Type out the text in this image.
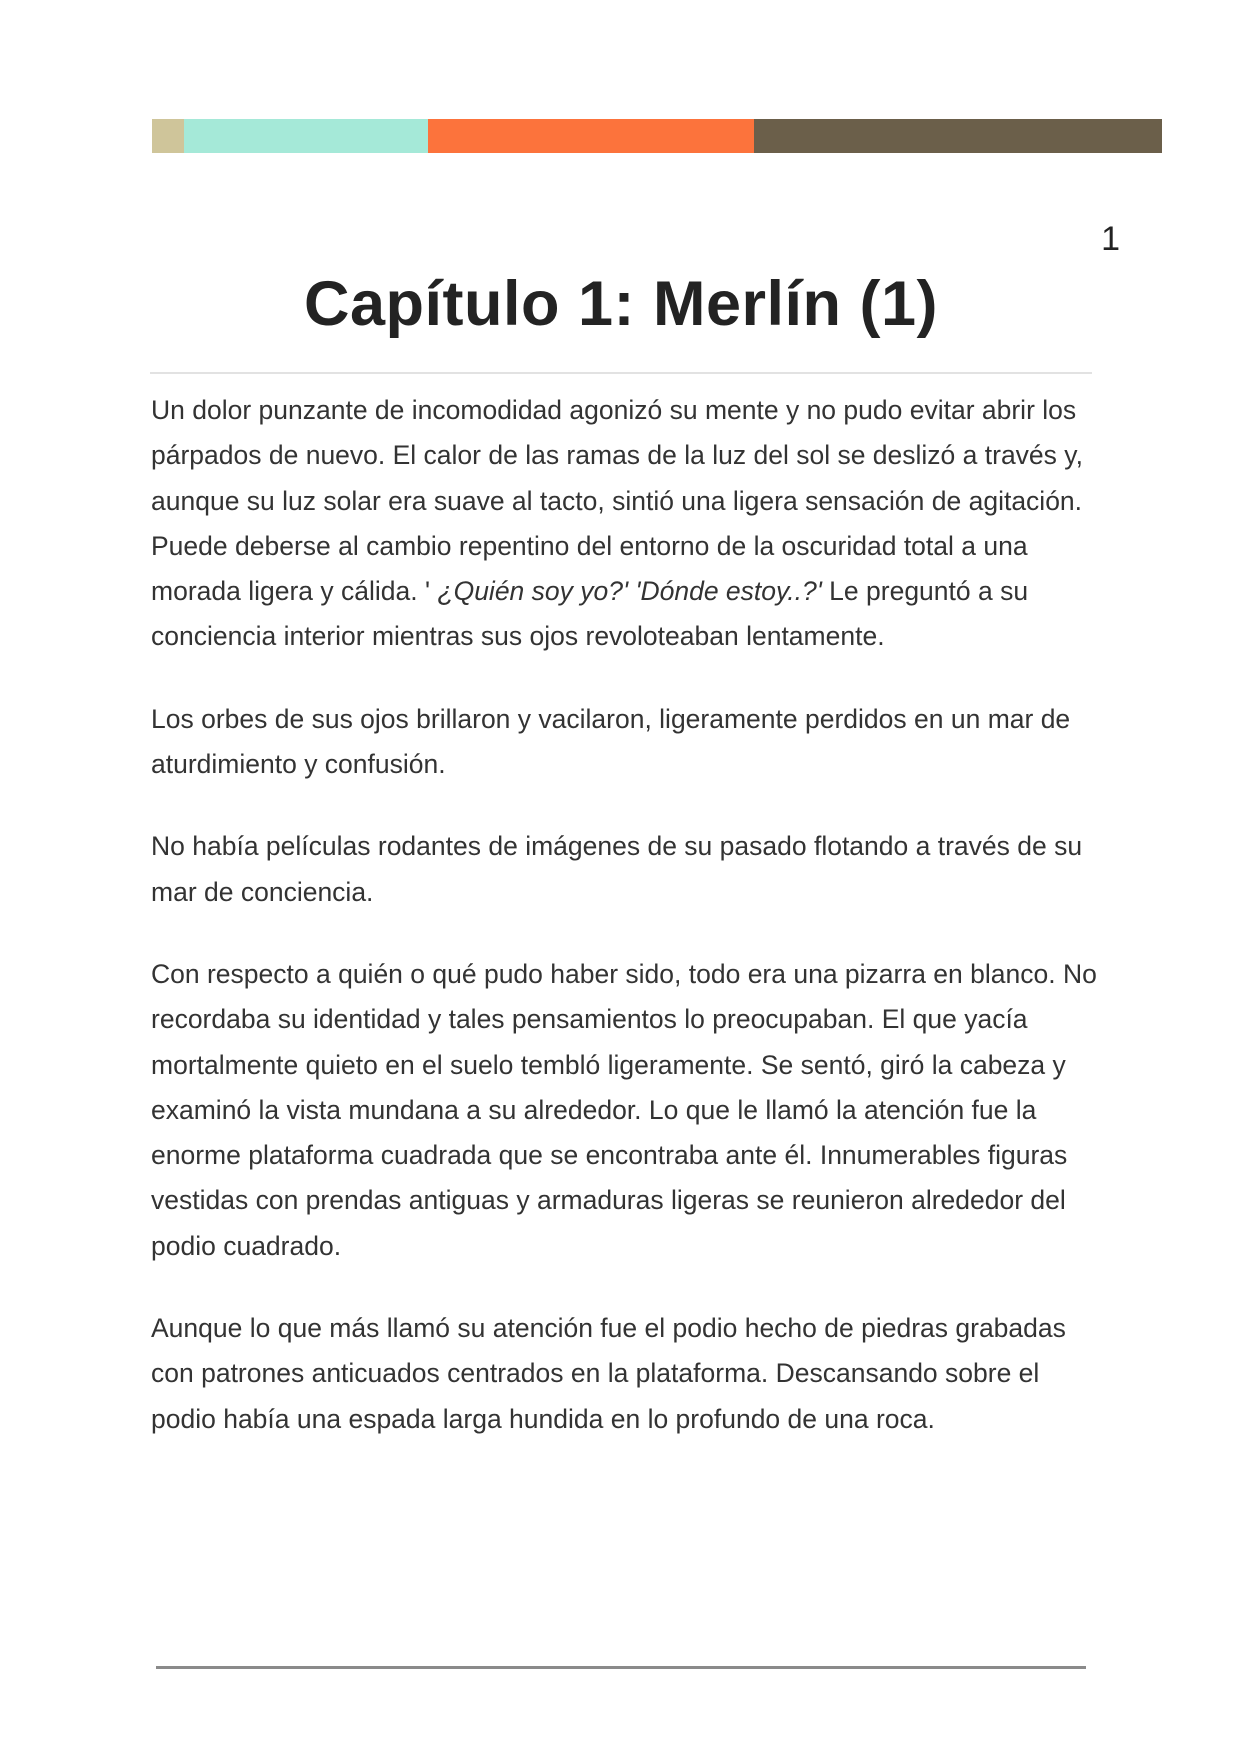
1
Capítulo 1: Merlín (1)

Un dolor punzante de incomodidad agonizó su mente y no pudo evitar abrir los párpados de nuevo. El calor de las ramas de la luz del sol se deslizó a través y, aunque su luz solar era suave al tacto, sintió una ligera sensación de agitación. Puede deberse al cambio repentino del entorno de la oscuridad total a una morada ligera y cálida. ' ¿Quién soy yo?' 'Dónde estoy..?' Le preguntó a su conciencia interior mientras sus ojos revoloteaban lentamente.

Los orbes de sus ojos brillaron y vacilaron, ligeramente perdidos en un mar de aturdimiento y confusión.

No había películas rodantes de imágenes de su pasado flotando a través de su mar de conciencia.

Con respecto a quién o qué pudo haber sido, todo era una pizarra en blanco. No recordaba su identidad y tales pensamientos lo preocupaban. El que yacía mortalmente quieto en el suelo tembló ligeramente. Se sentó, giró la cabeza y examinó la vista mundana a su alrededor. Lo que le llamó la atención fue la enorme plataforma cuadrada que se encontraba ante él. Innumerables figuras vestidas con prendas antiguas y armaduras ligeras se reunieron alrededor del podio cuadrado.

Aunque lo que más llamó su atención fue el podio hecho de piedras grabadas con patrones anticuados centrados en la plataforma. Descansando sobre el podio había una espada larga hundida en lo profundo de una roca.
